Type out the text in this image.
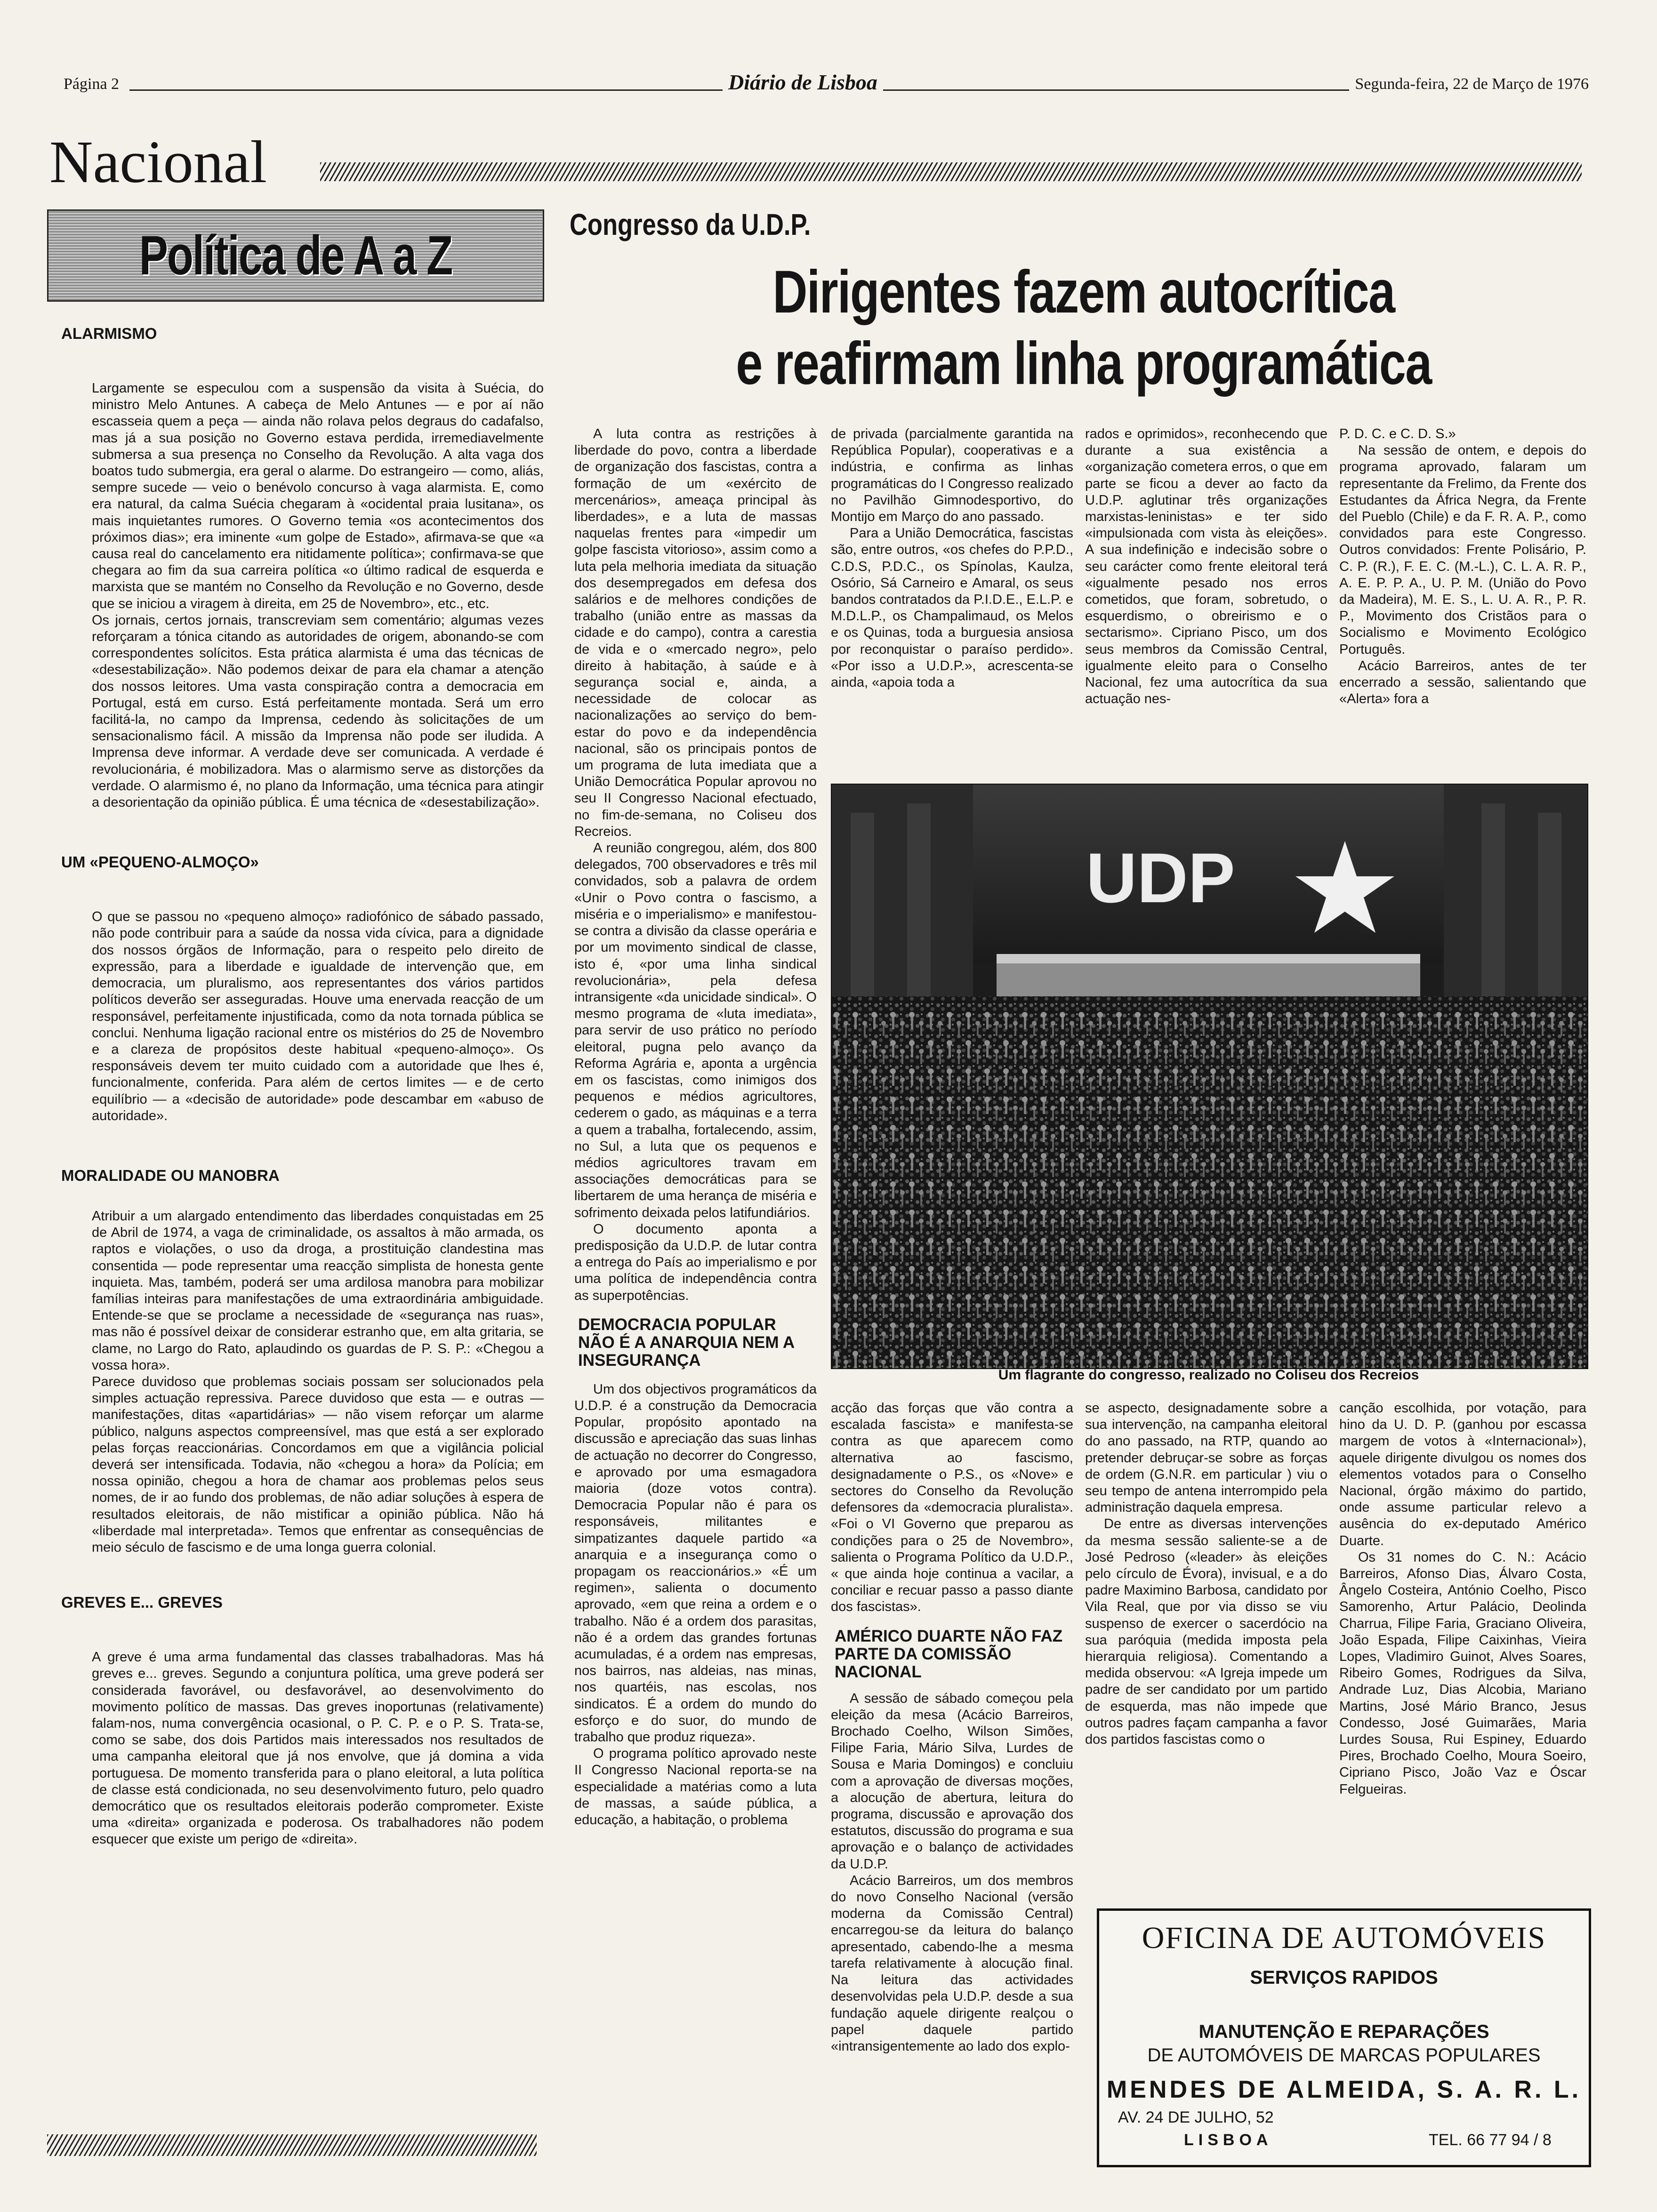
Página 2	Diário de Lisboa	Segunda-feira, 22 de Março de 1976
Nacional
Política de A a Z
ALARMISMO
Largamente se especulou com a suspensão da visita à Suécia, do ministro Melo Antunes. A cabeça de Melo Antunes — e por aí não escasseia quem a peça — ainda não rolava pelos degraus do cadafalso, mas já a sua posição no Governo estava perdida, irremediavelmente submersa a sua presença no Conselho da Revolução. A alta vaga dos boatos tudo submergia, era geral o alarme. Do estrangeiro — como, aliás, sempre sucede — veio o benévolo concurso à vaga alarmista. E, como era natural, da calma Suécia chegaram à «ocidental praia lusitana», os mais inquietantes rumores. O Governo temia «os acontecimentos dos próximos dias»; era iminente «um golpe de Estado», afirmava-se que «a causa real do cancelamento era nitidamente política»; confirmava-se que chegara ao fim da sua carreira política «o último radical de esquerda e marxista que se mantém no Conselho da Revolução e no Governo, desde que se iniciou a viragem à direita, em 25 de Novembro», etc., etc.
Os jornais, certos jornais, transcreviam sem comentário; algumas vezes reforçaram a tónica citando as autoridades de origem, abonando-se com correspondentes solícitos. Esta prática alarmista é uma das técnicas de «desestabilização». Não podemos deixar de para ela chamar a atenção dos nossos leitores. Uma vasta conspiração contra a democracia em Portugal, está em curso. Está perfeitamente montada. Será um erro facilitá-la, no campo da Imprensa, cedendo às solicitações de um sensacionalismo fácil. A missão da Imprensa não pode ser iludida. A Imprensa deve informar. A verdade deve ser comunicada. A verdade é revolucionária, é mobilizadora. Mas o alarmismo serve as distorções da verdade. O alarmismo é, no plano da Informação, uma técnica para atingir a desorientação da opinião pública. É uma técnica de «desestabilização».
UM «PEQUENO-ALMOÇO»
O que se passou no «pequeno almoço» radiofónico de sábado passado, não pode contribuir para a saúde da nossa vida cívica, para a dignidade dos nossos órgãos de Informação, para o respeito pelo direito de expressão, para a liberdade e igualdade de intervenção que, em democracia, um pluralismo, aos representantes dos vários partidos políticos deverão ser asseguradas. Houve uma enervada reacção de um responsável, perfeitamente injustificada, como da nota tornada pública se conclui. Nenhuma ligação racional entre os mistérios do 25 de Novembro e a clareza de propósitos deste habitual «pequeno-almoço». Os responsáveis devem ter muito cuidado com a autoridade que lhes é, funcionalmente, conferida. Para além de certos limites — e de certo equilíbrio — a «decisão de autoridade» pode descambar em «abuso de autoridade».
MORALIDADE OU MANOBRA
Atribuir a um alargado entendimento das liberdades conquistadas em 25 de Abril de 1974, a vaga de criminalidade, os assaltos à mão armada, os raptos e violações, o uso da droga, a prostituição clandestina mas consentida — pode representar uma reacção simplista de honesta gente inquieta. Mas, também, poderá ser uma ardilosa manobra para mobilizar famílias inteiras para manifestações de uma extraordinária ambiguidade. Entende-se que se proclame a necessidade de «segurança nas ruas», mas não é possível deixar de considerar estranho que, em alta gritaria, se clame, no Largo do Rato, aplaudindo os guardas de P. S. P.: «Chegou a vossa hora».
Parece duvidoso que problemas sociais possam ser solucionados pela simples actuação repressiva. Parece duvidoso que esta — e outras — manifestações, ditas «apartidárias» — não visem reforçar um alarme público, nalguns aspectos compreensível, mas que está a ser explorado pelas forças reaccionárias. Concordamos em que a vigilância policial deverá ser intensificada. Todavia, não «chegou a hora» da Polícia; em nossa opinião, chegou a hora de chamar aos problemas pelos seus nomes, de ir ao fundo dos problemas, de não adiar soluções à espera de resultados eleitorais, de não mistificar a opinião pública. Não há «liberdade mal interpretada». Temos que enfrentar as consequências de meio século de fascismo e de uma longa guerra colonial.
GREVES E... GREVES
A greve é uma arma fundamental das classes trabalhadoras. Mas há greves e... greves. Segundo a conjuntura política, uma greve poderá ser considerada favorável, ou desfavorável, ao desenvolvimento do movimento político de massas. Das greves inoportunas (relativamente) falam-nos, numa convergência ocasional, o P. C. P. e o P. S. Trata-se, como se sabe, dos dois Partidos mais interessados nos resultados de uma campanha eleitoral que já nos envolve, que já domina a vida portuguesa. De momento transferida para o plano eleitoral, a luta política de classe está condicionada, no seu desenvolvimento futuro, pelo quadro democrático que os resultados eleitorais poderão comprometer. Existe uma «direita» organizada e poderosa. Os trabalhadores não podem esquecer que existe um perigo de «direita».
Congresso da U.D.P.
Dirigentes fazem autocrítica
e reafirmam linha programática
A luta contra as restrições à liberdade do povo, contra a liberdade de organização dos fascistas, contra a formação de um «exército de mercenários», ameaça principal às liberdades», e a luta de massas naquelas frentes para «impedir um golpe fascista vitorioso», assim como a luta pela melhoria imediata da situação dos desempregados em defesa dos salários e de melhores condições de trabalho (união entre as massas da cidade e do campo), contra a carestia de vida e o «mercado negro», pelo direito à habitação, à saúde e à segurança social e, ainda, a necessidade de colocar as nacionalizações ao serviço do bem-estar do povo e da independência nacional, são os principais pontos de um programa de luta imediata que a União Democrática Popular aprovou no seu II Congresso Nacional efectuado, no fim-de-semana, no Coliseu dos Recreios.
A reunião congregou, além, dos 800 delegados, 700 observadores e três mil convidados, sob a palavra de ordem «Unir o Povo contra o fascismo, a miséria e o imperialismo» e manifestou-se contra a divisão da classe operária e por um movimento sindical de classe, isto é, «por uma linha sindical revolucionária», pela defesa intransigente «da unicidade sindical». O mesmo programa de «luta imediata», para servir de uso prático no período eleitoral, pugna pelo avanço da Reforma Agrária e, aponta a urgência em os fascistas, como inimigos dos pequenos e médios agricultores, cederem o gado, as máquinas e a terra a quem a trabalha, fortalecendo, assim, no Sul, a luta que os pequenos e médios agricultores travam em associações democráticas para se libertarem de uma herança de miséria e sofrimento deixada pelos latifundiários.
O documento aponta a predisposição da U.D.P. de lutar contra a entrega do País ao imperialismo e por uma política de independência contra as superpotências.
DEMOCRACIA POPULAR NÃO É A ANARQUIA NEM A INSEGURANÇA
Um dos objectivos programáticos da U.D.P. é a construção da Democracia Popular, propósito apontado na discussão e apreciação das suas linhas de actuação no decorrer do Congresso, e aprovado por uma esmagadora maioria (doze votos contra). Democracia Popular não é para os responsáveis, militantes e simpatizantes daquele partido «a anarquia e a insegurança como o propagam os reaccionários.» «É um regimen», salienta o documento aprovado, «em que reina a ordem e o trabalho. Não é a ordem dos parasitas, não é a ordem das grandes fortunas acumuladas, é a ordem nas empresas, nos bairros, nas aldeias, nas minas, nos quartéis, nas escolas, nos sindicatos. É a ordem do mundo do esforço e do suor, do mundo de trabalho que produz riqueza».
O programa político aprovado neste II Congresso Nacional reporta-se na especialidade a matérias como a luta de massas, a saúde pública, a educação, a habitação, o problema
de privada (parcialmente garantida na República Popular), cooperativas e a indústria, e confirma as linhas programáticas do I Congresso realizado no Pavilhão Gimnodesportivo, do Montijo em Março do ano passado.
Para a União Democrática, fascistas são, entre outros, «os chefes do P.P.D., C.D.S, P.D.C., os Spínolas, Kaulza, Osório, Sá Carneiro e Amaral, os seus bandos contratados da P.I.D.E., E.L.P. e M.D.L.P., os Champalimaud, os Melos e os Quinas, toda a burguesia ansiosa por reconquistar o paraíso perdido». «Por isso a U.D.P.», acrescenta-se ainda, «apoia toda a
rados e oprimidos», reconhecendo que durante a sua existência a «organização cometera erros, o que em parte se ficou a dever ao facto da U.D.P. aglutinar três organizações marxistas-leninistas» e ter sido «impulsionada com vista às eleições». A sua indefinição e indecisão sobre o seu carácter como frente eleitoral terá «igualmente pesado nos erros cometidos, que foram, sobretudo, o esquerdismo, o obreirismo e o sectarismo». Cipriano Pisco, um dos seus membros da Comissão Central, igualmente eleito para o Conselho Nacional, fez uma autocrítica da sua actuação nes-
P. D. C. e C. D. S.»
Na sessão de ontem, e depois do programa aprovado, falaram um representante da Frelimo, da Frente dos Estudantes da África Negra, da Frente del Pueblo (Chile) e da F. R. A. P., como convidados para este Congresso. Outros convidados: Frente Polisário, P. C. P. (R.), F. E. C. (M.-L.), C. L. A. R. P., A. E. P. P. A., U. P. M. (União do Povo da Madeira), M. E. S., L. U. A. R., P. R. P., Movimento dos Cristãos para o Socialismo e Movimento Ecológico Português.
Acácio Barreiros, antes de ter encerrado a sessão, salientando que «Alerta» fora a
UDP
Um flagrante do congresso, realizado no Coliseu dos Recreios
acção das forças que vão contra a escalada fascista» e manifesta-se contra as que aparecem como alternativa ao fascismo, designadamente o P.S., os «Nove» e sectores do Conselho da Revolução defensores da «democracia pluralista». «Foi o VI Governo que preparou as condições para o 25 de Novembro», salienta o Programa Político da U.D.P., « que ainda hoje continua a vacilar, a conciliar e recuar passo a passo diante dos fascistas».
AMÉRICO DUARTE NÃO FAZ PARTE DA COMISSÃO NACIONAL
A sessão de sábado começou pela eleição da mesa (Acácio Barreiros, Brochado Coelho, Wilson Simões, Filipe Faria, Mário Silva, Lurdes de Sousa e Maria Domingos) e concluiu com a aprovação de diversas moções, a alocução de abertura, leitura do programa, discussão e aprovação dos estatutos, discussão do programa e sua aprovação e o balanço de actividades da U.D.P.
Acácio Barreiros, um dos membros do novo Conselho Nacional (versão moderna da Comissão Central) encarregou-se da leitura do balanço apresentado, cabendo-lhe a mesma tarefa relativamente à alocução final. Na leitura das actividades desenvolvidas pela U.D.P. desde a sua fundação aquele dirigente realçou o papel daquele partido «intransigentemente ao lado dos explo-
se aspecto, designadamente sobre a sua intervenção, na campanha eleitoral do ano passado, na RTP, quando ao pretender debruçar-se sobre as forças de ordem (G.N.R. em particular ) viu o seu tempo de antena interrompido pela administração daquela empresa.
De entre as diversas intervenções da mesma sessão saliente-se a de José Pedroso («leader» às eleições pelo círculo de Évora), invisual, e a do padre Maximino Barbosa, candidato por Vila Real, que por via disso se viu suspenso de exercer o sacerdócio na sua paróquia (medida imposta pela hierarquia religiosa). Comentando a medida observou: «A Igreja impede um padre de ser candidato por um partido de esquerda, mas não impede que outros padres façam campanha a favor dos partidos fascistas como o
canção escolhida, por votação, para hino da U. D. P. (ganhou por escassa margem de votos à «Internacional»), aquele dirigente divulgou os nomes dos elementos votados para o Conselho Nacional, órgão máximo do partido, onde assume particular relevo a ausência do ex-deputado Américo Duarte.
Os 31 nomes do C. N.: Acácio Barreiros, Afonso Dias, Álvaro Costa, Ângelo Costeira, António Coelho, Pisco Samorenho, Artur Palácio, Deolinda Charrua, Filipe Faria, Graciano Oliveira, João Espada, Filipe Caixinhas, Vieira Lopes, Vladimiro Guinot, Alves Soares, Ribeiro Gomes, Rodrigues da Silva, Andrade Luz, Dias Alcobia, Mariano Martins, José Mário Branco, Jesus Condesso, José Guimarães, Maria Lurdes Sousa, Rui Espiney, Eduardo Pires, Brochado Coelho, Moura Soeiro, Cipriano Pisco, João Vaz e Óscar Felgueiras.
OFICINA DE AUTOMÓVEIS
SERVIÇOS RAPIDOS
MANUTENÇÃO E REPARAÇÕES
DE AUTOMÓVEIS DE MARCAS POPULARES
MENDES DE ALMEIDA, S. A. R. L.
AV. 24 DE JULHO, 52
LISBOA	TEL. 66 77 94 / 8
